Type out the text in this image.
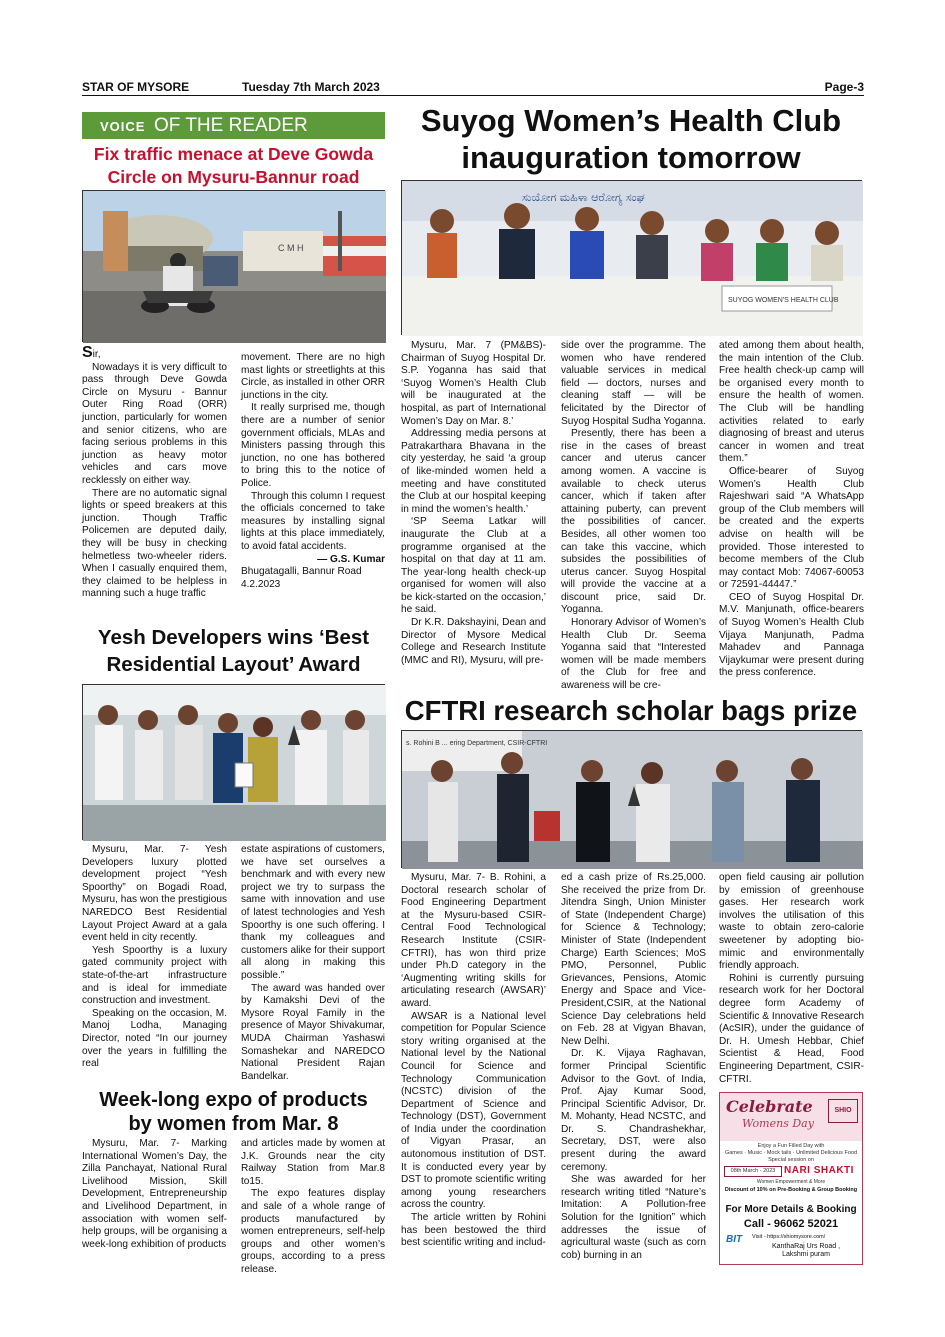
STAR OF MYSORE	Tuesday 7th March 2023	Page-3
VOICE OF THE READER
Fix traffic menace at Deve Gowda Circle on Mysuru-Bannur road
C M H

Sir,

Nowadays it is very difficult to pass through Deve Gowda Circle on Mysuru - Bannur Outer Ring Road (ORR) junction, particularly for women and senior citizens, who are facing serious problems in this junction as heavy motor vehicles and cars move recklessly on either way.

There are no automatic signal lights or speed breakers at this junction. Though Traffic Policemen are deputed daily, they will be busy in checking helmetless two-wheeler riders. When I casually enquired them, they claimed to be helpless in manning such a huge traffic

movement. There are no high mast lights or streetlights at this Circle, as installed in other ORR junctions in the city.

It really surprised me, though there are a number of senior government officials, MLAs and Ministers passing through this junction, no one has bothered to bring this to the notice of Police.

Through this column I request the officials concerned to take measures by installing signal lights at this place immediately, to avoid fatal accidents.

— G.S. Kumar

Bhugatagalli, Bannur Road

4.2.2023

Suyog Women’s Health Club
inauguration tomorrow
ಸುಯೋಗ ಮಹಿಳಾ ಆರೋಗ್ಯ ಸಂಘ
SUYOG WOMEN'S HEALTH CLUB

Mysuru, Mar. 7 (PM&BS)- Chairman of Suyog Hospital Dr. S.P. Yoganna has said that ‘Suyog Women’s Health Club will be inaugurated at the hospital, as part of International Women’s Day on Mar. 8.’

Addressing media persons at Patrakarthara Bhavana in the city yesterday, he said ‘a group of like-minded women held a meeting and have constituted the Club at our hospital keeping in mind the women’s health.’

‘SP Seema Latkar will inaugurate the Club at a programme organised at the hospital on that day at 11 am. The year-long health check-up organised for women will also be kick-started on the occasion,’ he said.

Dr K.R. Dakshayini, Dean and Director of Mysore Medical College and Research Institute (MMC and RI), Mysuru, will pre-

side over the programme. The women who have rendered valuable services in medical field — doctors, nurses and cleaning staff — will be felicitated by the Director of Suyog Hospital Sudha Yoganna.

Presently, there has been a rise in the cases of breast cancer and uterus cancer among women. A vaccine is available to check uterus cancer, which if taken after attaining puberty, can prevent the possibilities of cancer. Besides, all other women too can take this vaccine, which subsides the possibilities of uterus cancer. Suyog Hospital will provide the vaccine at a discount price, said Dr. Yoganna.

Honorary Advisor of Women’s Health Club Dr. Seema Yoganna said that “Interested women will be made members of the Club for free and awareness will be cre-

ated among them about health, the main intention of the Club. Free health check-up camp will be organised every month to ensure the health of women. The Club will be handling activities related to early diagnosing of breast and uterus cancer in women and treat them.”

Office-bearer of Suyog Women’s Health Club Rajeshwari said “A WhatsApp group of the Club members will be created and the experts advise on health will be provided. Those interested to become members of the Club may contact Mob: 74067-60053 or 72591-44447.”

CEO of Suyog Hospital Dr. M.V. Manjunath, office-bearers of Suyog Women’s Health Club Vijaya Manjunath, Padma Mahadev and Pannaga Vijaykumar were present during the press conference.

Yesh Developers wins ‘Best
Residential Layout’ Award

Mysuru, Mar. 7- Yesh Developers luxury plotted development project “Yesh Spoorthy” on Bogadi Road, Mysuru, has won the prestigious NAREDCO Best Residential Layout Project Award at a gala event held in city recently.

Yesh Spoorthy is a luxury gated community project with state-of-the-art infrastructure and is ideal for immediate construction and investment.

Speaking on the occasion, M. Manoj Lodha, Managing Director, noted “In our journey over the years in fulfilling the real

estate aspirations of customers, we have set ourselves a benchmark and with every new project we try to surpass the same with innovation and use of latest technologies and Yesh Spoorthy is one such offering. I thank my colleagues and customers alike for their support all along in making this possible.”

The award was handed over by Kamakshi Devi of the Mysore Royal Family in the presence of Mayor Shivakumar, MUDA Chairman Yashaswi Somashekar and NAREDCO National President Rajan Bandelkar.

Week-long expo of products
by women from Mar. 8

Mysuru, Mar. 7- Marking International Women’s Day, the Zilla Panchayat, National Rural Livelihood Mission, Skill Development, Entrepreneurship and Livelihood Department, in association with women self-help groups, will be organising a week-long exhibition of products

and articles made by women at J.K. Grounds near the city Railway Station from Mar.8 to15.

The expo features display and sale of a whole range of products manufactured by women entrepreneurs, self-help groups and other women’s groups, according to a press release.

CFTRI research scholar bags prize
s. Rohini B ... ering Department, CSIR-CFTRI

Mysuru, Mar. 7- B. Rohini, a Doctoral research scholar of Food Engineering Department at the Mysuru-based CSIR-Central Food Technological Research Institute (CSIR-CFTRI), has won third prize under Ph.D category in the ‘Augmenting writing skills for articulating research (AWSAR)’ award.

AWSAR is a National level competition for Popular Science story writing organised at the National level by the National Council for Science and Technology Communication (NCSTC) division of the Department of Science and Technology (DST), Government of India under the coordination of Vigyan Prasar, an autonomous institution of DST. It is conducted every year by DST to promote scientific writing among young researchers across the country.

The article written by Rohini has been bestowed the third best scientific writing and includ-

ed a cash prize of Rs.25,000. She received the prize from Dr. Jitendra Singh, Union Minister of State (Independent Charge) for Science & Technology; Minister of State (Independent Charge) Earth Sciences; MoS PMO, Personnel, Public Grievances, Pensions, Atomic Energy and Space and Vice-President,CSIR, at the National Science Day celebrations held on Feb. 28 at Vigyan Bhavan, New Delhi.

Dr. K. Vijaya Raghavan, former Principal Scientific Advisor to the Govt. of India, Prof. Ajay Kumar Sood, Principal Scientific Advisor, Dr. M. Mohanty, Head NCSTC, and Dr. S. Chandrashekhar, Secretary, DST, were also present during the award ceremony.

She was awarded for her research writing titled “Nature’s Imitation: A Pollution-free Solution for the Ignition” which addresses the issue of agricultural waste (such as corn cob) burning in an

open field causing air pollution by emission of greenhouse gases. Her research work involves the utilisation of this waste to obtain zero-calorie sweetener by adopting bio-mimic and environmentally friendly approach.

Rohini is currently pursuing research work for her Doctoral degree form Academy of Scientific & Innovative Research (AcSIR), under the guidance of Dr. H. Umesh Hebbar, Chief Scientist & Head, Food Engineering Department, CSIR-CFTRI.

Celebrate
Womens Day
SHIO
Enjoy a Fun Filled Day with
Games · Music · Mock tails · Unlimited Delicious Food
Special session on
08th March - 2023 NARI SHAKTI
Women Empowerment & More
Discount of 10% on Pre-Booking & Group Booking
For More Details & Booking
Call - 96062 52021
BIT Visit - https://shiomysore.com/
KanthaRaj Urs Road ,
Lakshmi puram
